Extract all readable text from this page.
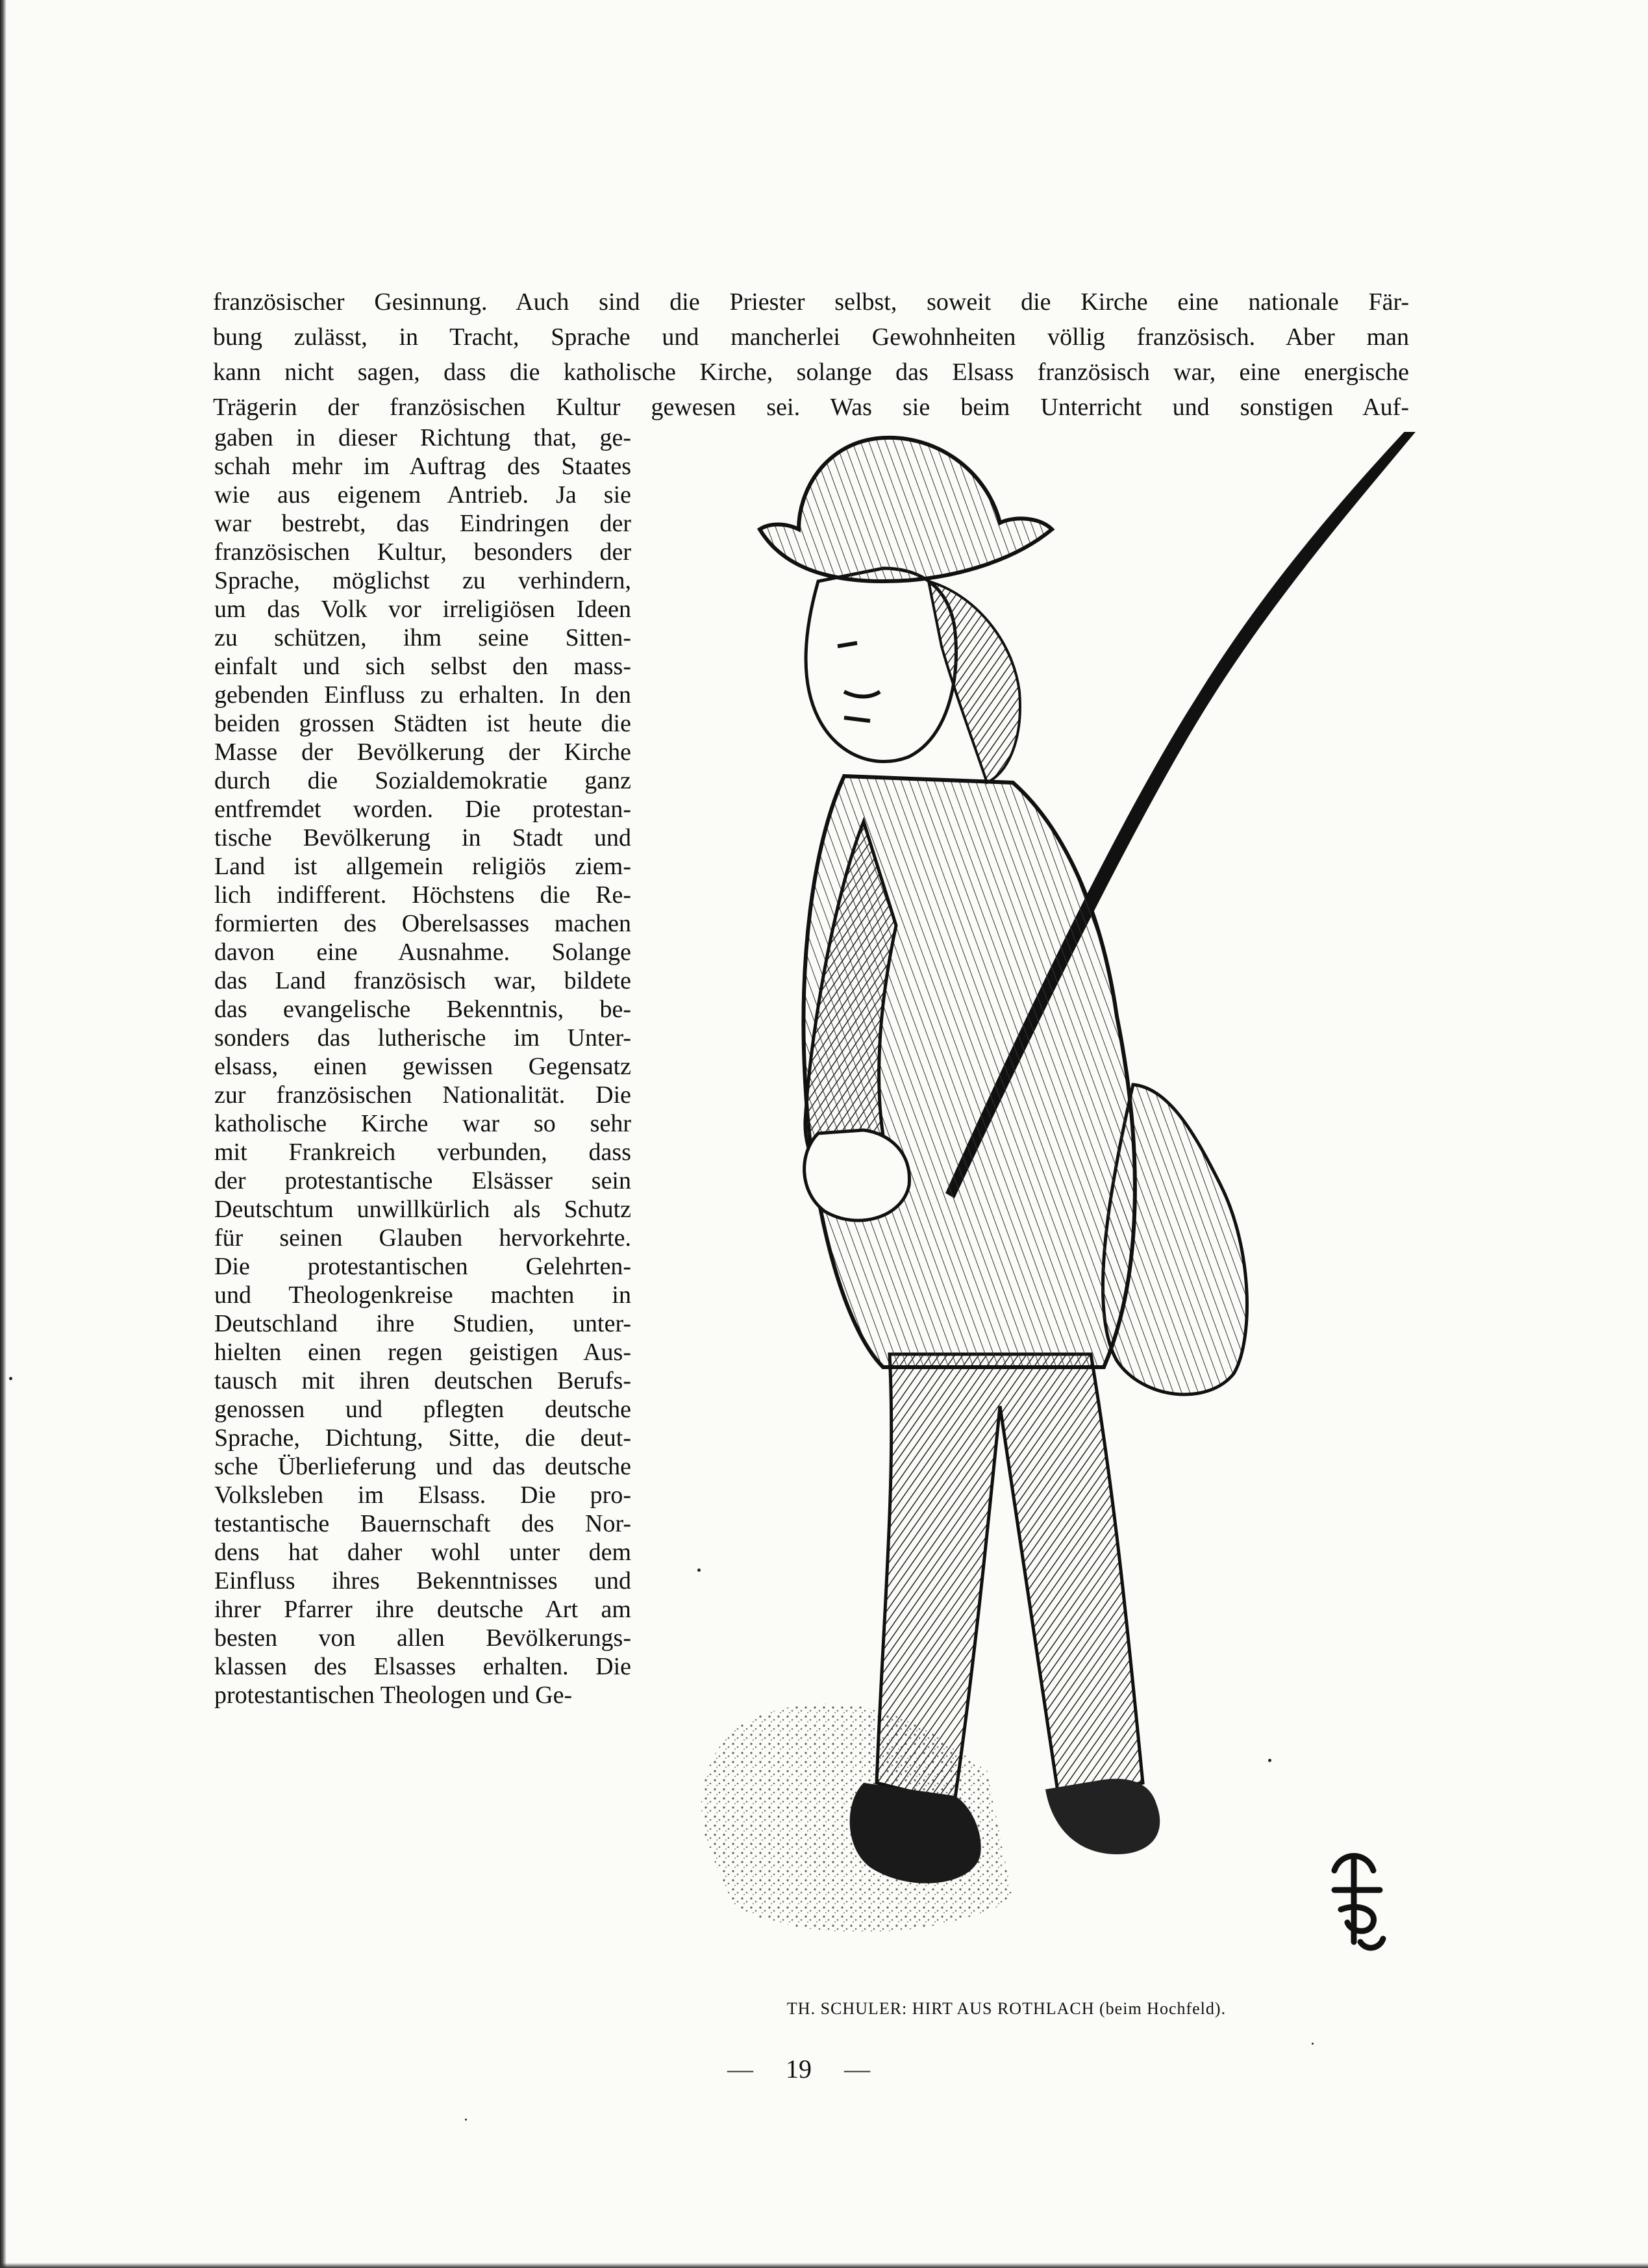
französischer Gesinnung. Auch sind die Priester selbst, soweit die Kirche eine nationale Fär-
bung zulässt, in Tracht, Sprache und mancherlei Gewohnheiten völlig französisch. Aber man
kann nicht sagen, dass die katholische Kirche, solange das Elsass französisch war, eine energische
Trägerin der französischen Kultur gewesen sei. Was sie beim Unterricht und sonstigen Auf-
gaben in dieser Richtung that, ge-
schah mehr im Auftrag des Staates
wie aus eigenem Antrieb. Ja sie
war bestrebt, das Eindringen der
französischen Kultur, besonders der
Sprache, möglichst zu verhindern,
um das Volk vor irreligiösen Ideen
zu schützen, ihm seine Sitten-
einfalt und sich selbst den mass-
gebenden Einfluss zu erhalten. In den
beiden grossen Städten ist heute die
Masse der Bevölkerung der Kirche
durch die Sozialdemokratie ganz
entfremdet worden. Die protestan-
tische Bevölkerung in Stadt und
Land ist allgemein religiös ziem-
lich indifferent. Höchstens die Re-
formierten des Oberelsasses machen
davon eine Ausnahme. Solange
das Land französisch war, bildete
das evangelische Bekenntnis, be-
sonders das lutherische im Unter-
elsass, einen gewissen Gegensatz
zur französischen Nationalität. Die
katholische Kirche war so sehr
mit Frankreich verbunden, dass
der protestantische Elsässer sein
Deutschtum unwillkürlich als Schutz
für seinen Glauben hervorkehrte.
Die protestantischen Gelehrten-
und Theologenkreise machten in
Deutschland ihre Studien, unter-
hielten einen regen geistigen Aus-
tausch mit ihren deutschen Berufs-
genossen und pflegten deutsche
Sprache, Dichtung, Sitte, die deut-
sche Überlieferung und das deutsche
Volksleben im Elsass. Die pro-
testantische Bauernschaft des Nor-
dens hat daher wohl unter dem
Einfluss ihres Bekenntnisses und
ihrer Pfarrer ihre deutsche Art am
besten von allen Bevölkerungs-
klassen des Elsasses erhalten. Die
protestantischen Theologen und Ge-
TH. SCHULER: HIRT AUS ROTHLACH (beim Hochfeld).
— 19 —
